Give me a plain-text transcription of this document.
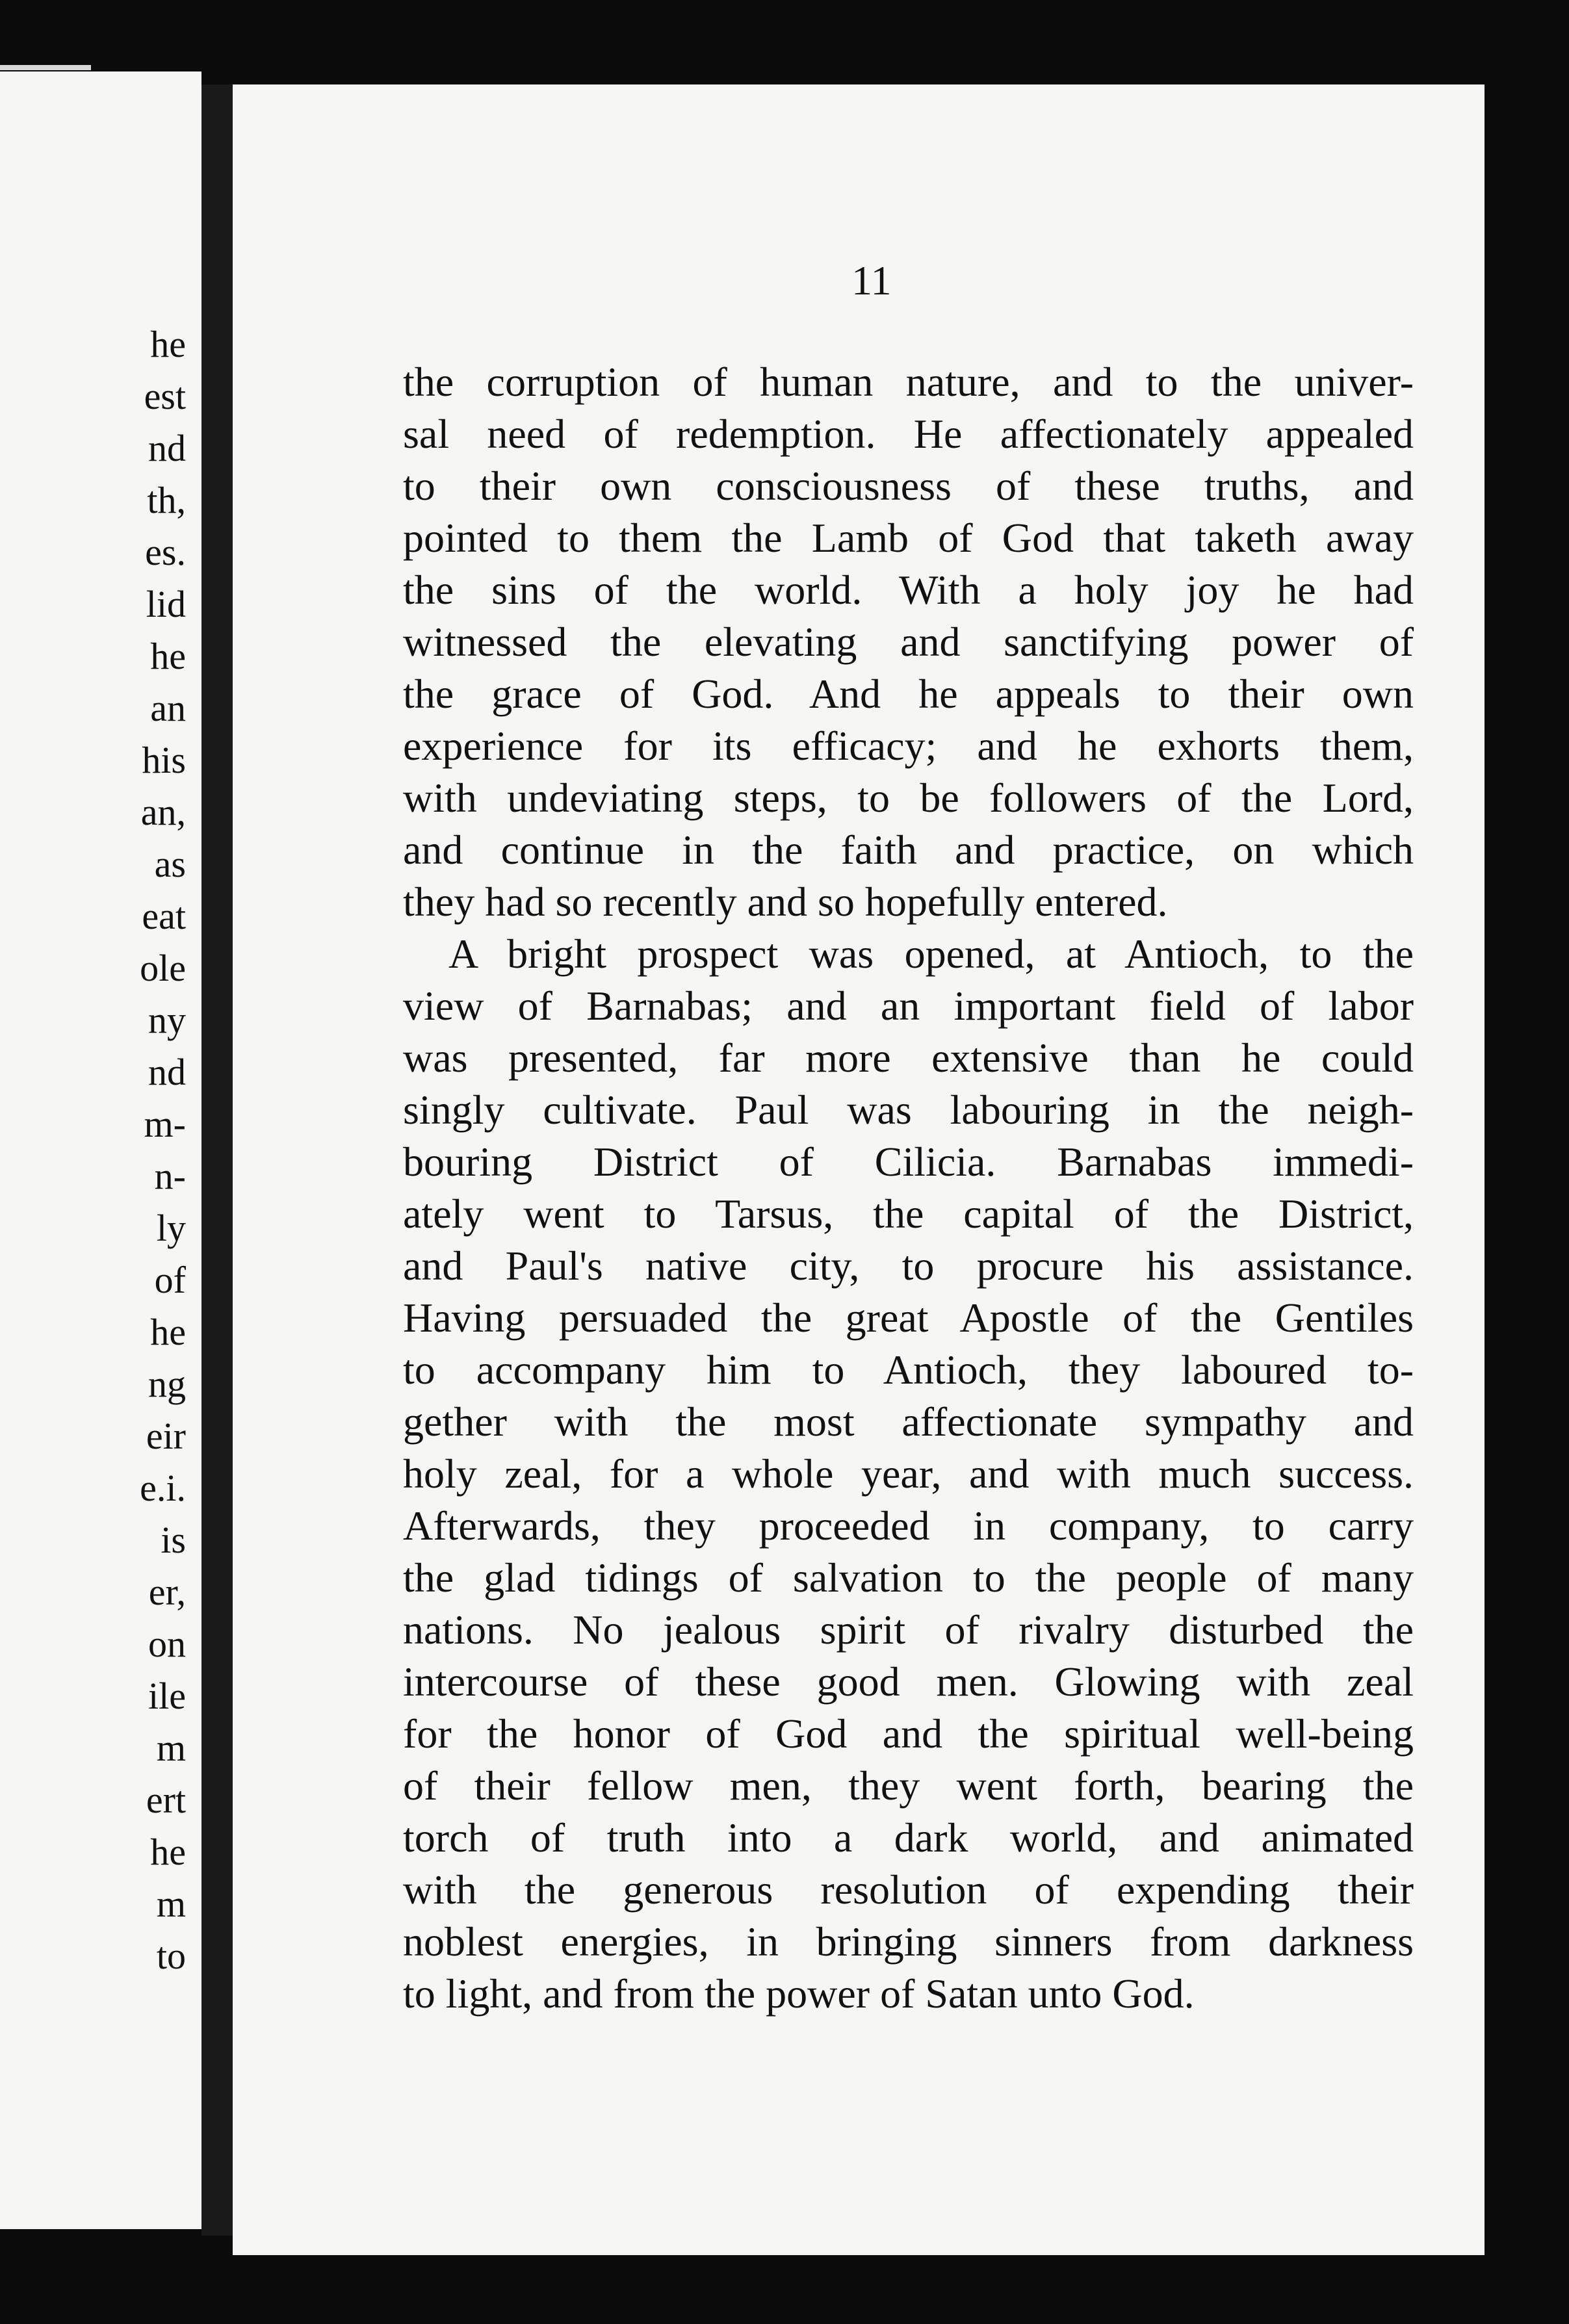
he
est
nd
th,
es.
lid
he
an
his
an,
as
eat
ole
ny
nd
m-
n-
ly
of
he
ng
eir
e.i.
is
er,
on
ile
m
ert
he
m
to
11
the corruption of human nature, and to the univer-
sal need of redemption. He affectionately appealed
to their own consciousness of these truths, and
pointed to them the Lamb of God that taketh away
the sins of the world. With a holy joy he had
witnessed the elevating and sanctifying power of
the grace of God. And he appeals to their own
experience for its efficacy; and he exhorts them,
with undeviating steps, to be followers of the Lord,
and continue in the faith and practice, on which
they had so recently and so hopefully entered.
A bright prospect was opened, at Antioch, to the
view of Barnabas; and an important field of labor
was presented, far more extensive than he could
singly cultivate. Paul was labouring in the neigh-
bouring District of Cilicia. Barnabas immedi-
ately went to Tarsus, the capital of the District,
and Paul's native city, to procure his assistance.
Having persuaded the great Apostle of the Gentiles
to accompany him to Antioch, they laboured to-
gether with the most affectionate sympathy and
holy zeal, for a whole year, and with much success.
Afterwards, they proceeded in company, to carry
the glad tidings of salvation to the people of many
nations. No jealous spirit of rivalry disturbed the
intercourse of these good men. Glowing with zeal
for the honor of God and the spiritual well-being
of their fellow men, they went forth, bearing the
torch of truth into a dark world, and animated
with the generous resolution of expending their
noblest energies, in bringing sinners from darkness
to light, and from the power of Satan unto God.
